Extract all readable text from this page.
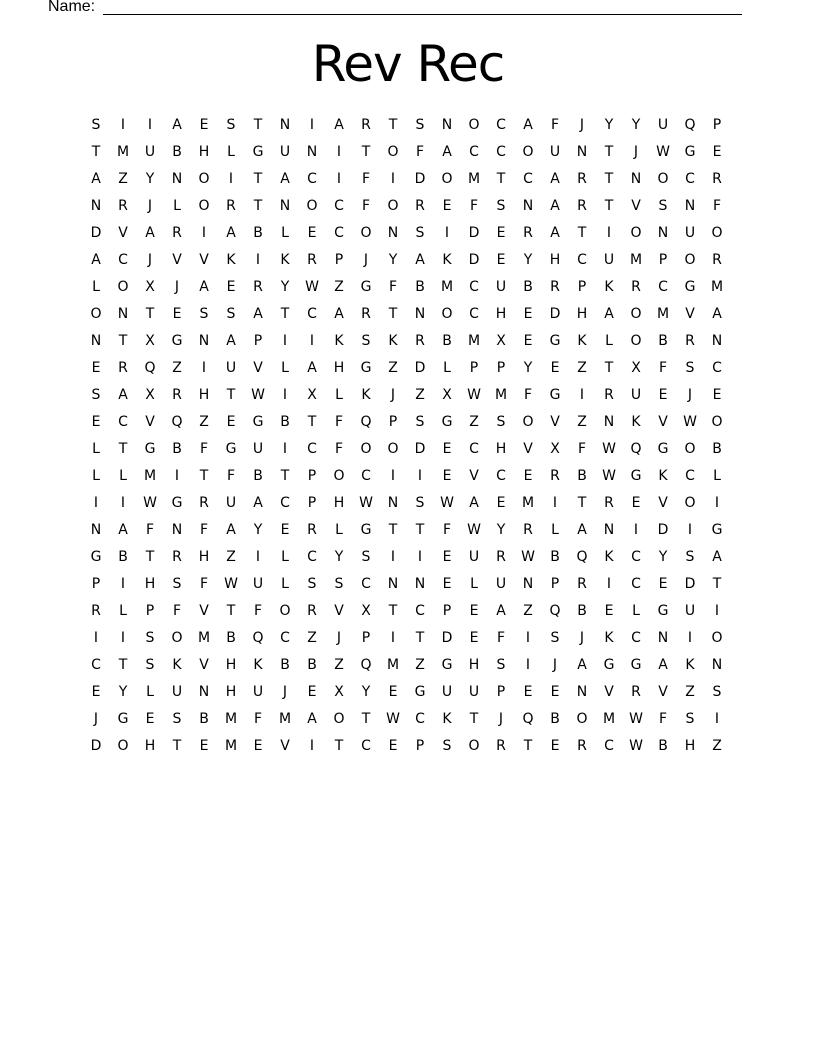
Name:
Rev Rec
S	I	I	A	E	S	T	N	I	A	R	T	S	N	O	C	A	F	J	Y	Y	U	Q	P
T	M	U	B	H	L	G	U	N	I	T	O	F	A	C	C	O	U	N	T	J	W	G	E
A	Z	Y	N	O	I	T	A	C	I	F	I	D	O	M	T	C	A	R	T	N	O	C	R
N	R	J	L	O	R	T	N	O	C	F	O	R	E	F	S	N	A	R	T	V	S	N	F
D	V	A	R	I	A	B	L	E	C	O	N	S	I	D	E	R	A	T	I	O	N	U	O
A	C	J	V	V	K	I	K	R	P	J	Y	A	K	D	E	Y	H	C	U	M	P	O	R
L	O	X	J	A	E	R	Y	W	Z	G	F	B	M	C	U	B	R	P	K	R	C	G	M
O	N	T	E	S	S	A	T	C	A	R	T	N	O	C	H	E	D	H	A	O	M	V	A
N	T	X	G	N	A	P	I	I	K	S	K	R	B	M	X	E	G	K	L	O	B	R	N
E	R	Q	Z	I	U	V	L	A	H	G	Z	D	L	P	P	Y	E	Z	T	X	F	S	C
S	A	X	R	H	T	W	I	X	L	K	J	Z	X	W M	F	G	I	R	U	E	J	E
E	C	V	Q	Z	E	G	B	T	F	Q	P	S	G	Z	S	O	V	Z	N	K	V	W	O
L	T	G	B	F	G	U	I	C	F	O	O	D	E	C	H	V	X	F	W	Q	G	O	B
L	L	M	I	T	F	B	T	P	O	C	I	I	E	V	C	E	R	B	W	G	K	C	L
I	I	W	G	R	U	A	C	P	H	W	N	S	W	A	E	M	I	T	R	E	V	O	I
N	A	F	N	F	A	Y	E	R	L	G	T	T	F	W	Y	R	L	A	N	I	D	I	G
G	B	T	R	H	Z	I	L	C	Y	S	I	I	E	U	R	W	B	Q	K	C	Y	S	A
P	I	H	S	F	W	U	L	S	S	C	N	N	E	L	U	N	P	R	I	C	E	D	T
R	L	P	F	V	T	F	O	R	V	X	T	C	P	E	A	Z	Q	B	E	L	G	U	I
I	I	S	O	M	B	Q	C	Z	J	P	I	T	D	E	F	I	S	J	K	C	N	I	O
C	T	S	K	V	H	K	B	B	Z	Q	M	Z	G	H	S	I	J	A	G	G	A	K	N
E	Y	L	U	N	H	U	J	E	X	Y	E	G	U	U	P	E	E	N	V	R	V	Z	S
J	G	E	S	B	M	F	M	A	O	T	W	C	K	T	J	Q	B	O	M W	F	S	I
D	O	H	T	E	M	E	V	I	T	C	E	P	S	O	R	T	E	R	C	W	B	H	Z
